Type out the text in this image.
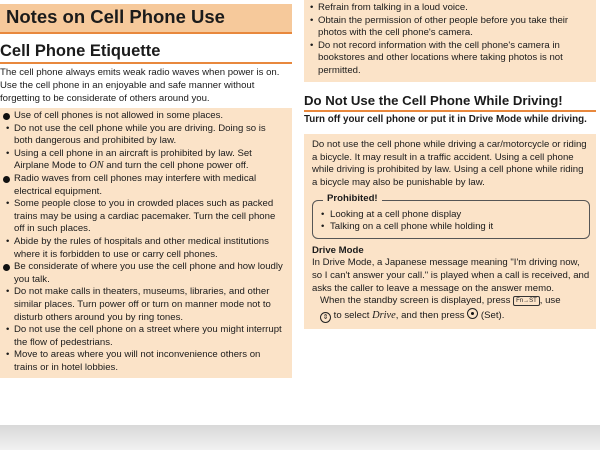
Notes on Cell Phone Use
Cell Phone Etiquette

The cell phone always emits weak radio waves when power is on.

Use the cell phone in an enjoyable and safe manner without forgetting to be considerate of others around you.

Use of cell phones is not allowed in some places.
• Do not use the cell phone while you are driving. Doing so is both dangerous and prohibited by law.
• Using a cell phone in an aircraft is prohibited by law. Set Airplane Mode to ON and turn the cell phone power off.
Radio waves from cell phones may interfere with medical electrical equipment.
• Some people close to you in crowded places such as packed trains may be using a cardiac pacemaker. Turn the cell phone off in such places.
• Abide by the rules of hospitals and other medical institutions where it is forbidden to use or carry cell phones.
Be considerate of where you use the cell phone and how loudly you talk.
• Do not make calls in theaters, museums, libraries, and other similar places. Turn power off or turn on manner mode not to disturb others around you by ring tones.
• Do not use the cell phone on a street where you might interrupt the flow of pedestrians.
• Move to areas where you will not inconvenience others on trains or in hotel lobbies.
• Refrain from talking in a loud voice.
• Obtain the permission of other people before you take their photos with the cell phone's camera.
• Do not record information with the cell phone's camera in bookstores and other locations where taking photos is not permitted.
Do Not Use the Cell Phone While Driving!
Turn off your cell phone or put it in Drive Mode while driving.

Do not use the cell phone while driving a car/motorcycle or riding a bicycle. It may result in a traffic accident. Using a cell phone while driving is prohibited by law. Using a cell phone while riding a bicycle may also be punishable by law.

Prohibited!
• Looking at a cell phone display
• Talking on a cell phone while holding it
Drive Mode

In Drive Mode, a Japanese message meaning "I'm driving now, so I can't answer your call." is played when a call is received, and asks the caller to leave a message on the answer memo.

When the standby screen is displayed, press Fn→ST , use
⇕ to select Drive, and then press (Set).
